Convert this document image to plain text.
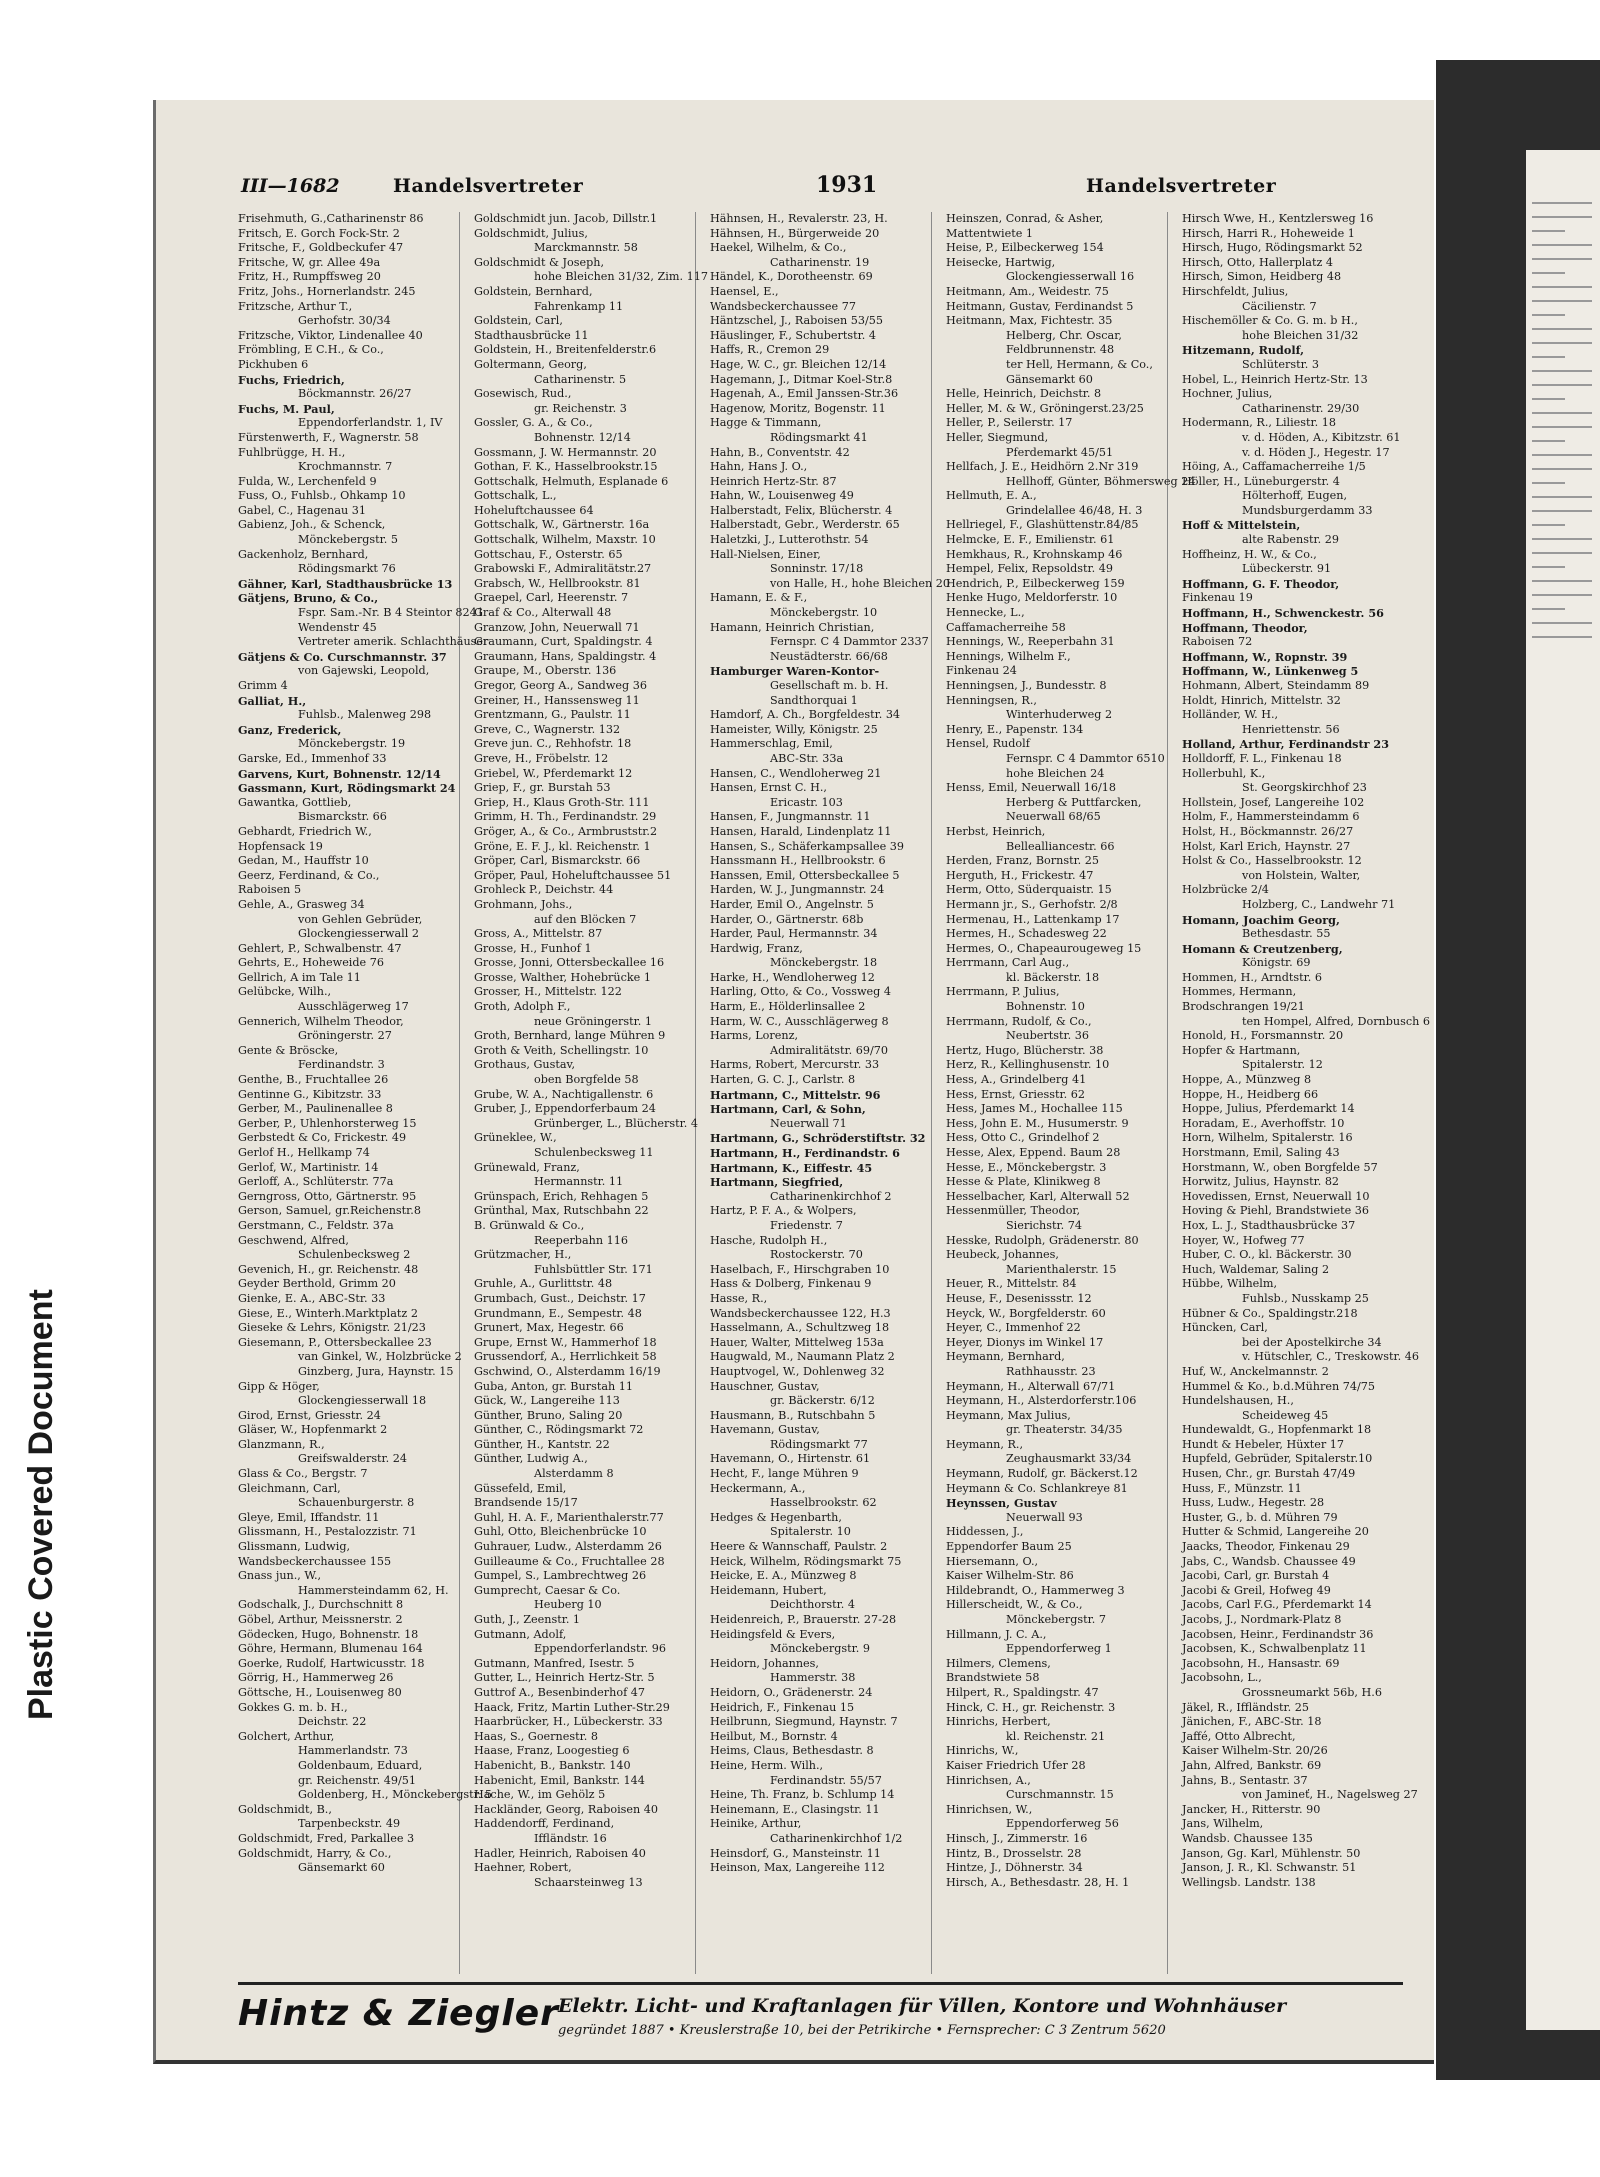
Plastic Covered Document
III—1682	Handelsvertreter	1931	Handelsvertreter
Frisehmuth, G.,Catharinenstr 86
Fritsch, E. Gorch Fock-Str. 2
Fritsche, F., Goldbeckufer 47
Fritsche, W, gr. Allee 49a
Fritz, H., Rumpffsweg 20
Fritz, Johs., Hornerlandstr. 245
Fritzsche, Arthur T.,
Gerhofstr. 30/34
Fritzsche, Viktor, Lindenallee 40
Frömbling, E C.H., & Co.,
Pickhuben 6
Fuchs, Friedrich,
Böckmannstr. 26/27
Fuchs, M. Paul,
Eppendorferlandstr. 1, IV
Fürstenwerth, F., Wagnerstr. 58
Fuhlbrügge, H. H.,
Krochmannstr. 7
Fulda, W., Lerchenfeld 9
Fuss, O., Fuhlsb., Ohkamp 10
Gabel, C., Hagenau 31
Gabienz, Joh., & Schenck,
Mönckebergstr. 5
Gackenholz, Bernhard,
Rödingsmarkt 76
Gähner, Karl, Stadthausbrücke 13
Gätjens, Bruno, & Co.,
Fspr. Sam.-Nr. B 4 Steintor 8241
Wendenstr 45
Vertreter amerik. Schlachthäuser
Gätjens & Co. Curschmannstr. 37
von Gajewski, Leopold,
Grimm 4
Galliat, H.,
Fuhlsb., Malenweg 298
Ganz, Frederick,
Mönckebergstr. 19
Garske, Ed., Immenhof 33
Garvens, Kurt, Bohnenstr. 12/14
Gassmann, Kurt, Rödingsmarkt 24
Gawantka, Gottlieb,
Bismarckstr. 66
Gebhardt, Friedrich W.,
Hopfensack 19
Gedan, M., Hauffstr 10
Geerz, Ferdinand, & Co.,
Raboisen 5
Gehle, A., Grasweg 34
von Gehlen Gebrüder,
Glockengiesserwall 2
Gehlert, P., Schwalbenstr. 47
Gehrts, E., Hoheweide 76
Gellrich, A im Tale 11
Gelübcke, Wilh.,
Ausschlägerweg 17
Gennerich, Wilhelm Theodor,
Gröningerstr. 27
Gente & Bröscke,
Ferdinandstr. 3
Genthe, B., Fruchtallee 26
Gentinne G., Kibitzstr. 33
Gerber, M., Paulinenallee 8
Gerber, P., Uhlenhorsterweg 15
Gerbstedt & Co, Frickestr. 49
Gerlof H., Hellkamp 74
Gerlof, W., Martinistr. 14
Gerloff, A., Schlüterstr. 77a
Gerngross, Otto, Gärtnerstr. 95
Gerson, Samuel, gr.Reichenstr.8
Gerstmann, C., Feldstr. 37a
Geschwend, Alfred,
Schulenbecksweg 2
Gevenich, H., gr. Reichenstr. 48
Geyder Berthold, Grimm 20
Gienke, E. A., ABC-Str. 33
Giese, E., Winterh.Marktplatz 2
Gieseke & Lehrs, Königstr. 21/23
Giesemann, P., Ottersbeckallee 23
van Ginkel, W., Holzbrücke 2
Ginzberg, Jura, Haynstr. 15
Gipp & Höger,
Glockengiesserwall 18
Girod, Ernst, Griesstr. 24
Gläser, W., Hopfenmarkt 2
Glanzmann, R.,
Greifswalderstr. 24
Glass & Co., Bergstr. 7
Gleichmann, Carl,
Schauenburgerstr. 8
Gleye, Emil, Iffandstr. 11
Glissmann, H., Pestalozzistr. 71
Glissmann, Ludwig,
Wandsbeckerchaussee 155
Gnass jun., W.,
Hammersteindamm 62, H.
Godschalk, J., Durchschnitt 8
Göbel, Arthur, Meissnerstr. 2
Gödecken, Hugo, Bohnenstr. 18
Göhre, Hermann, Blumenau 164
Goerke, Rudolf, Hartwicusstr. 18
Görrig, H., Hammerweg 26
Göttsche, H., Louisenweg 80
Gokkes G. m. b. H.,
Deichstr. 22
Golchert, Arthur,
Hammerlandstr. 73
Goldenbaum, Eduard,
gr. Reichenstr. 49/51
Goldenberg, H., Mönckebergstr. 5
Goldschmidt, B.,
Tarpenbeckstr. 49
Goldschmidt, Fred, Parkallee 3
Goldschmidt, Harry, & Co.,
Gänsemarkt 60
Goldschmidt jun. Jacob, Dillstr.1
Goldschmidt, Julius,
Marckmannstr. 58
Goldschmidt & Joseph,
hohe Bleichen 31/32, Zim. 117
Goldstein, Bernhard,
Fahrenkamp 11
Goldstein, Carl,
Stadthausbrücke 11
Goldstein, H., Breitenfelderstr.6
Goltermann, Georg,
Catharinenstr. 5
Gosewisch, Rud.,
gr. Reichenstr. 3
Gossler, G. A., & Co.,
Bohnenstr. 12/14
Gossmann, J. W. Hermannstr. 20
Gothan, F. K., Hasselbrookstr.15
Gottschalk, Helmuth, Esplanade 6
Gottschalk, L.,
Hoheluftchaussee 64
Gottschalk, W., Gärtnerstr. 16a
Gottschalk, Wilhelm, Maxstr. 10
Gottschau, F., Osterstr. 65
Grabowski F., Admiralitätstr.27
Grabsch, W., Hellbrookstr. 81
Graepel, Carl, Heerenstr. 7
Graf & Co., Alterwall 48
Granzow, John, Neuerwall 71
Graumann, Curt, Spaldingstr. 4
Graumann, Hans, Spaldingstr. 4
Graupe, M., Oberstr. 136
Gregor, Georg A., Sandweg 36
Greiner, H., Hanssensweg 11
Grentzmann, G., Paulstr. 11
Greve, C., Wagnerstr. 132
Greve jun. C., Rehhofstr. 18
Greve, H., Fröbelstr. 12
Griebel, W., Pferdemarkt 12
Griep, F., gr. Burstah 53
Griep, H., Klaus Groth-Str. 111
Grimm, H. Th., Ferdinandstr. 29
Gröger, A., & Co., Armbruststr.2
Gröne, E. F. J., kl. Reichenstr. 1
Gröper, Carl, Bismarckstr. 66
Gröper, Paul, Hoheluftchaussee 51
Grohleck P., Deichstr. 44
Grohmann, Johs.,
auf den Blöcken 7
Gross, A., Mittelstr. 87
Grosse, H., Funhof 1
Grosse, Jonni, Ottersbeckallee 16
Grosse, Walther, Hohebrücke 1
Grosser, H., Mittelstr. 122
Groth, Adolph F.,
neue Gröningerstr. 1
Groth, Bernhard, lange Mühren 9
Groth & Veith, Schellingstr. 10
Grothaus, Gustav,
oben Borgfelde 58
Grube, W. A., Nachtigallenstr. 6
Gruber, J., Eppendorferbaum 24
Grünberger, L., Blücherstr. 4
Grüneklee, W.,
Schulenbecksweg 11
Grünewald, Franz,
Hermannstr. 11
Grünspach, Erich, Rehhagen 5
Grünthal, Max, Rutschbahn 22
B. Grünwald & Co.,
Reeperbahn 116
Grützmacher, H.,
Fuhlsbüttler Str. 171
Gruhle, A., Gurlittstr. 48
Grumbach, Gust., Deichstr. 17
Grundmann, E., Sempestr. 48
Grunert, Max, Hegestr. 66
Grupe, Ernst W., Hammerhof 18
Grussendorf, A., Herrlichkeit 58
Gschwind, O., Alsterdamm 16/19
Guba, Anton, gr. Burstah 11
Gück, W., Langereihe 113
Günther, Bruno, Saling 20
Günther, C., Rödingsmarkt 72
Günther, H., Kantstr. 22
Günther, Ludwig A.,
Alsterdamm 8
Güssefeld, Emil,
Brandsende 15/17
Guhl, H. A. F., Marienthalerstr.77
Guhl, Otto, Bleichenbrücke 10
Guhrauer, Ludw., Alsterdamm 26
Guilleaume & Co., Fruchtallee 28
Gumpel, S., Lambrechtweg 26
Gumprecht, Caesar & Co.
Heuberg 10
Guth, J., Zeenstr. 1
Gutmann, Adolf,
Eppendorferlandstr. 96
Gutmann, Manfred, Isestr. 5
Gutter, L., Heinrich Hertz-Str. 5
Guttrof A., Besenbinderhof 47
Haack, Fritz, Martin Luther-Str.29
Haarbrücker, H., Lübeckerstr. 33
Haas, S., Goernestr. 8
Haase, Franz, Loogestieg 6
Habenicht, B., Bankstr. 140
Habenicht, Emil, Bankstr. 144
Hache, W., im Gehölz 5
Hackländer, Georg, Raboisen 40
Haddendorff, Ferdinand,
Iffländstr. 16
Hadler, Heinrich, Raboisen 40
Haehner, Robert,
Schaarsteinweg 13
Hähnsen, H., Revalerstr. 23, H.
Hähnsen, H., Bürgerweide 20
Haekel, Wilhelm, & Co.,
Catharinenstr. 19
Händel, K., Dorotheenstr. 69
Haensel, E.,
Wandsbeckerchaussee 77
Häntzschel, J., Raboisen 53/55
Häuslinger, F., Schubertstr. 4
Haffs, R., Cremon 29
Hage, W. C., gr. Bleichen 12/14
Hagemann, J., Ditmar Koel-Str.8
Hagenah, A., Emil Janssen-Str.36
Hagenow, Moritz, Bogenstr. 11
Hagge & Timmann,
Rödingsmarkt 41
Hahn, B., Conventstr. 42
Hahn, Hans J. O.,
Heinrich Hertz-Str. 87
Hahn, W., Louisenweg 49
Halberstadt, Felix, Blücherstr. 4
Halberstadt, Gebr., Werderstr. 65
Haletzki, J., Lutterothstr. 54
Hall-Nielsen, Einer,
Sonninstr. 17/18
von Halle, H., hohe Bleichen 20
Hamann, E. & F.,
Mönckebergstr. 10
Hamann, Heinrich Christian,
Fernspr. C 4 Dammtor 2337
Neustädterstr. 66/68
Hamburger Waren-Kontor-
Gesellschaft m. b. H.
Sandthorquai 1
Hamdorf, A. Ch., Borgfeldestr. 34
Hameister, Willy, Königstr. 25
Hammerschlag, Emil,
ABC-Str. 33a
Hansen, C., Wendloherweg 21
Hansen, Ernst C. H.,
Ericastr. 103
Hansen, F., Jungmannstr. 11
Hansen, Harald, Lindenplatz 11
Hansen, S., Schäferkampsallee 39
Hanssmann H., Hellbrookstr. 6
Hanssen, Emil, Ottersbeckallee 5
Harden, W. J., Jungmannstr. 24
Harder, Emil O., Angelnstr. 5
Harder, O., Gärtnerstr. 68b
Harder, Paul, Hermannstr. 34
Hardwig, Franz,
Mönckebergstr. 18
Harke, H., Wendloherweg 12
Harling, Otto, & Co., Vossweg 4
Harm, E., Hölderlinsallee 2
Harm, W. C., Ausschlägerweg 8
Harms, Lorenz,
Admiralitätstr. 69/70
Harms, Robert, Mercurstr. 33
Harten, G. C. J., Carlstr. 8
Hartmann, C., Mittelstr. 96
Hartmann, Carl, & Sohn,
Neuerwall 71
Hartmann, G., Schröderstiftstr. 32
Hartmann, H., Ferdinandstr. 6
Hartmann, K., Eiffestr. 45
Hartmann, Siegfried,
Catharinenkirchhof 2
Hartz, P. F. A., & Wolpers,
Friedenstr. 7
Hasche, Rudolph H.,
Rostockerstr. 70
Haselbach, F., Hirschgraben 10
Hass & Dolberg, Finkenau 9
Hasse, R.,
Wandsbeckerchaussee 122, H.3
Hasselmann, A., Schultzweg 18
Hauer, Walter, Mittelweg 153a
Haugwald, M., Naumann Platz 2
Hauptvogel, W., Dohlenweg 32
Hauschner, Gustav,
gr. Bäckerstr. 6/12
Hausmann, B., Rutschbahn 5
Havemann, Gustav,
Rödingsmarkt 77
Havemann, O., Hirtenstr. 61
Hecht, F., lange Mühren 9
Heckermann, A.,
Hasselbrookstr. 62
Hedges & Hegenbarth,
Spitalerstr. 10
Heere & Wannschaff, Paulstr. 2
Heick, Wilhelm, Rödingsmarkt 75
Heicke, E. A., Münzweg 8
Heidemann, Hubert,
Deichthorstr. 4
Heidenreich, P., Brauerstr. 27-28
Heidingsfeld & Evers,
Mönckebergstr. 9
Heidorn, Johannes,
Hammerstr. 38
Heidorn, O., Grädenerstr. 24
Heidrich, F., Finkenau 15
Heilbrunn, Siegmund, Haynstr. 7
Heilbut, M., Bornstr. 4
Heims, Claus, Bethesdastr. 8
Heine, Herm. Wilh.,
Ferdinandstr. 55/57
Heine, Th. Franz, b. Schlump 14
Heinemann, E., Clasingstr. 11
Heinike, Arthur,
Catharinenkirchhof 1/2
Heinsdorf, G., Mansteinstr. 11
Heinson, Max, Langereihe 112
Heinszen, Conrad, & Asher,
Mattentwiete 1
Heise, P., Eilbeckerweg 154
Heisecke, Hartwig,
Glockengiesserwall 16
Heitmann, Am., Weidestr. 75
Heitmann, Gustav, Ferdinandst 5
Heitmann, Max, Fichtestr. 35
Helberg, Chr. Oscar,
Feldbrunnenstr. 48
ter Hell, Hermann, & Co.,
Gänsemarkt 60
Helle, Heinrich, Deichstr. 8
Heller, M. & W., Gröningerst.23/25
Heller, P., Seilerstr. 17
Heller, Siegmund,
Pferdemarkt 45/51
Hellfach, J. E., Heidhörn 2.Nr 319
Hellhoff, Günter, Böhmersweg 24
Hellmuth, E. A.,
Grindelallee 46/48, H. 3
Hellriegel, F., Glashüttenstr.84/85
Helmcke, E. F., Emilienstr. 61
Hemkhaus, R., Krohnskamp 46
Hempel, Felix, Repsoldstr. 49
Hendrich, P., Eilbeckerweg 159
Henke Hugo, Meldorferstr. 10
Hennecke, L.,
Caffamacherreihe 58
Hennings, W., Reeperbahn 31
Hennings, Wilhelm F.,
Finkenau 24
Henningsen, J., Bundesstr. 8
Henningsen, R.,
Winterhuderweg 2
Henry, E., Papenstr. 134
Hensel, Rudolf
Fernspr. C 4 Dammtor 6510
hohe Bleichen 24
Henss, Emil, Neuerwall 16/18
Herberg & Puttfarcken,
Neuerwall 68/65
Herbst, Heinrich,
Bellealliancestr. 66
Herden, Franz, Bornstr. 25
Herguth, H., Frickestr. 47
Herm, Otto, Süderquaistr. 15
Hermann jr., S., Gerhofstr. 2/8
Hermenau, H., Lattenkamp 17
Hermes, H., Schadesweg 22
Hermes, O., Chapeaurougeweg 15
Herrmann, Carl Aug.,
kl. Bäckerstr. 18
Herrmann, P. Julius,
Bohnenstr. 10
Herrmann, Rudolf, & Co.,
Neubertstr. 36
Hertz, Hugo, Blücherstr. 38
Herz, R., Kellinghusenstr. 10
Hess, A., Grindelberg 41
Hess, Ernst, Griesstr. 62
Hess, James M., Hochallee 115
Hess, John E. M., Husumerstr. 9
Hess, Otto C., Grindelhof 2
Hesse, Alex, Eppend. Baum 28
Hesse, E., Mönckebergstr. 3
Hesse & Plate, Klinikweg 8
Hesselbacher, Karl, Alterwall 52
Hessenmüller, Theodor,
Sierichstr. 74
Hesske, Rudolph, Grädenerstr. 80
Heubeck, Johannes,
Marienthalerstr. 15
Heuer, R., Mittelstr. 84
Heuse, F., Desenissstr. 12
Heyck, W., Borgfelderstr. 60
Heyer, C., Immenhof 22
Heyer, Dionys im Winkel 17
Heymann, Bernhard,
Rathhausstr. 23
Heymann, H., Alterwall 67/71
Heymann, H., Alsterdorferstr.106
Heymann, Max Julius,
gr. Theaterstr. 34/35
Heymann, R.,
Zeughausmarkt 33/34
Heymann, Rudolf, gr. Bäckerst.12
Heymann & Co. Schlankreye 81
Heynssen, Gustav
Neuerwall 93
Hiddessen, J.,
Eppendorfer Baum 25
Hiersemann, O.,
Kaiser Wilhelm-Str. 86
Hildebrandt, O., Hammerweg 3
Hillerscheidt, W., & Co.,
Mönckebergstr. 7
Hillmann, J. C. A.,
Eppendorferweg 1
Hilmers, Clemens,
Brandstwiete 58
Hilpert, R., Spaldingstr. 47
Hinck, C. H., gr. Reichenstr. 3
Hinrichs, Herbert,
kl. Reichenstr. 21
Hinrichs, W.,
Kaiser Friedrich Ufer 28
Hinrichsen, A.,
Curschmannstr. 15
Hinrichsen, W.,
Eppendorferweg 56
Hinsch, J., Zimmerstr. 16
Hintz, B., Drosselstr. 28
Hintze, J., Döhnerstr. 34
Hirsch, A., Bethesdastr. 28, H. 1
Hirsch Wwe, H., Kentzlersweg 16
Hirsch, Harri R., Hoheweide 1
Hirsch, Hugo, Rödingsmarkt 52
Hirsch, Otto, Hallerplatz 4
Hirsch, Simon, Heidberg 48
Hirschfeldt, Julius,
Cäcilienstr. 7
Hischemöller & Co. G. m. b H.,
hohe Bleichen 31/32
Hitzemann, Rudolf,
Schlüterstr. 3
Hobel, L., Heinrich Hertz-Str. 13
Hochner, Julius,
Catharinenstr. 29/30
Hodermann, R., Liliestr. 18
v. d. Höden, A., Kibitzstr. 61
v. d. Höden J., Hegestr. 17
Höing, A., Caffamacherreihe 1/5
Höller, H., Lüneburgerstr. 4
Hölterhoff, Eugen,
Mundsburgerdamm 33
Hoff & Mittelstein,
alte Rabenstr. 29
Hoffheinz, H. W., & Co.,
Lübeckerstr. 91
Hoffmann, G. F. Theodor,
Finkenau 19
Hoffmann, H., Schwenckestr. 56
Hoffmann, Theodor,
Raboisen 72
Hoffmann, W., Ropnstr. 39
Hoffmann, W., Lünkenweg 5
Hohmann, Albert, Steindamm 89
Holdt, Hinrich, Mittelstr. 32
Holländer, W. H.,
Henriettenstr. 56
Holland, Arthur, Ferdinandstr 23
Holldorff, F. L., Finkenau 18
Hollerbuhl, K.,
St. Georgskirchhof 23
Hollstein, Josef, Langereihe 102
Holm, F., Hammersteindamm 6
Holst, H., Böckmannstr. 26/27
Holst, Karl Erich, Haynstr. 27
Holst & Co., Hasselbrookstr. 12
von Holstein, Walter,
Holzbrücke 2/4
Holzberg, C., Landwehr 71
Homann, Joachim Georg,
Bethesdastr. 55
Homann & Creutzenberg,
Königstr. 69
Hommen, H., Arndtstr. 6
Hommes, Hermann,
Brodschrangen 19/21
ten Hompel, Alfred, Dornbusch 6
Honold, H., Forsmannstr. 20
Hopfer & Hartmann,
Spitalerstr. 12
Hoppe, A., Münzweg 8
Hoppe, H., Heidberg 66
Hoppe, Julius, Pferdemarkt 14
Horadam, E., Averhoffstr. 10
Horn, Wilhelm, Spitalerstr. 16
Horstmann, Emil, Saling 43
Horstmann, W., oben Borgfelde 57
Horwitz, Julius, Haynstr. 82
Hovedissen, Ernst, Neuerwall 10
Hoving & Piehl, Brandstwiete 36
Hox, L. J., Stadthausbrücke 37
Hoyer, W., Hofweg 77
Huber, C. O., kl. Bäckerstr. 30
Huch, Waldemar, Saling 2
Hübbe, Wilhelm,
Fuhlsb., Nusskamp 25
Hübner & Co., Spaldingstr.218
Hüncken, Carl,
bei der Apostelkirche 34
v. Hütschler, C., Treskowstr. 46
Huf, W., Anckelmannstr. 2
Hummel & Ko., b.d.Mühren 74/75
Hundelshausen, H.,
Scheideweg 45
Hundewaldt, G., Hopfenmarkt 18
Hundt & Hebeler, Hüxter 17
Hupfeld, Gebrüder, Spitalerstr.10
Husen, Chr., gr. Burstah 47/49
Huss, F., Münzstr. 11
Huss, Ludw., Hegestr. 28
Huster, G., b. d. Mühren 79
Hutter & Schmid, Langereihe 20
Jaacks, Theodor, Finkenau 29
Jabs, C., Wandsb. Chaussee 49
Jacobi, Carl, gr. Burstah 4
Jacobi & Greil, Hofweg 49
Jacobs, Carl F.G., Pferdemarkt 14
Jacobs, J., Nordmark-Platz 8
Jacobsen, Heinr., Ferdinandstr 36
Jacobsen, K., Schwalbenplatz 11
Jacobsohn, H., Hansastr. 69
Jacobsohn, L.,
Grossneumarkt 56b, H.6
Jäkel, R., Iffländstr. 25
Jänichen, F., ABC-Str. 18
Jaffé, Otto Albrecht,
Kaiser Wilhelm-Str. 20/26
Jahn, Alfred, Bankstr. 69
Jahns, B., Sentastr. 37
von Jamineť, H., Nagelsweg 27
Jancker, H., Ritterstr. 90
Jans, Wilhelm,
Wandsb. Chaussee 135
Janson, Gg. Karl, Mühlenstr. 50
Janson, J. R., Kl. Schwanstr. 51
Wellingsb. Landstr. 138
Hintz & Ziegler Elektr. Licht- und Kraftanlagen für Villen, Kontore und Wohnhäuser
gegründet 1887 • Kreuslerstraße 10, bei der Petrikirche • Fernsprecher: C 3 Zentrum 5620
